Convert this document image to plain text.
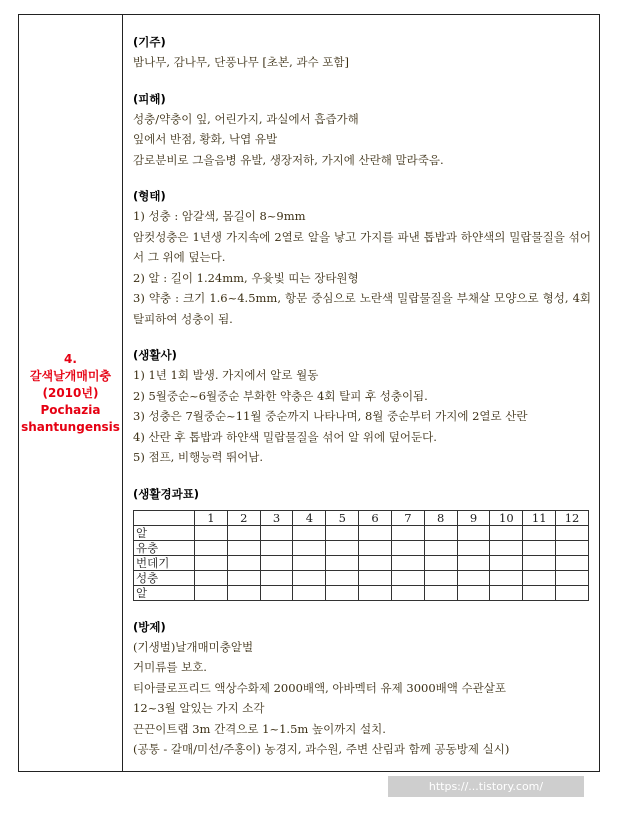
4.
갈색날개매미충
(2010년)
Pochazia
shantungensis
(기주)
밤나무, 감나무, 단풍나무 [초본, 과수 포함]
(피해)
성충/약충이 잎, 어린가지, 과실에서 흡즙가해
잎에서 반점, 황화, 낙엽 유발
감로분비로 그을음병 유발, 생장저하, 가지에 산란해 말라죽음.
(형태)
1) 성충 : 암갈색, 몸길이 8~9mm
암컷성충은 1년생 가지속에 2열로 알을 낳고 가지를 파낸 톱밥과 하얀색의 밀랍물질을 섞어서 그 위에 덮는다.
2) 알 : 길이 1.24mm, 우윳빛 띠는 장타원형
3) 약충 : 크기 1.6~4.5mm, 항문 중심으로 노란색 밀랍물질을 부채살 모양으로 형성, 4회 탈피하여 성충이 됨.
(생활사)
1) 1년 1회 발생. 가지에서 알로 월동
2) 5월중순~6월중순 부화한 약충은 4회 탈피 후 성충이됨.
3) 성충은 7월중순~11월 중순까지 나타나며, 8월 중순부터 가지에 2열로 산란
4) 산란 후 톱밥과 하얀색 밀랍물질을 섞어 알 위에 덮어둔다.
5) 점프, 비행능력 뛰어남.
(생활경과표)
	1	2	3	4	5	6	7	8	9	10	11	12
알												
유충												
번데기												
성충												
알												
(방제)
(기생벌)날개매미충알벌
거미류를 보호.
티아클로프리드 액상수화제 2000배액, 아바멕터 유제 3000배액 수관살포
12~3월 알있는 가지 소각
끈끈이트랩 3m 간격으로 1~1.5m 높이까지 설치.
(공통 - 갈매/미선/주홍이) 농경지, 과수원, 주변 산림과 함께 공동방제 실시)
https://...tistory.com/
